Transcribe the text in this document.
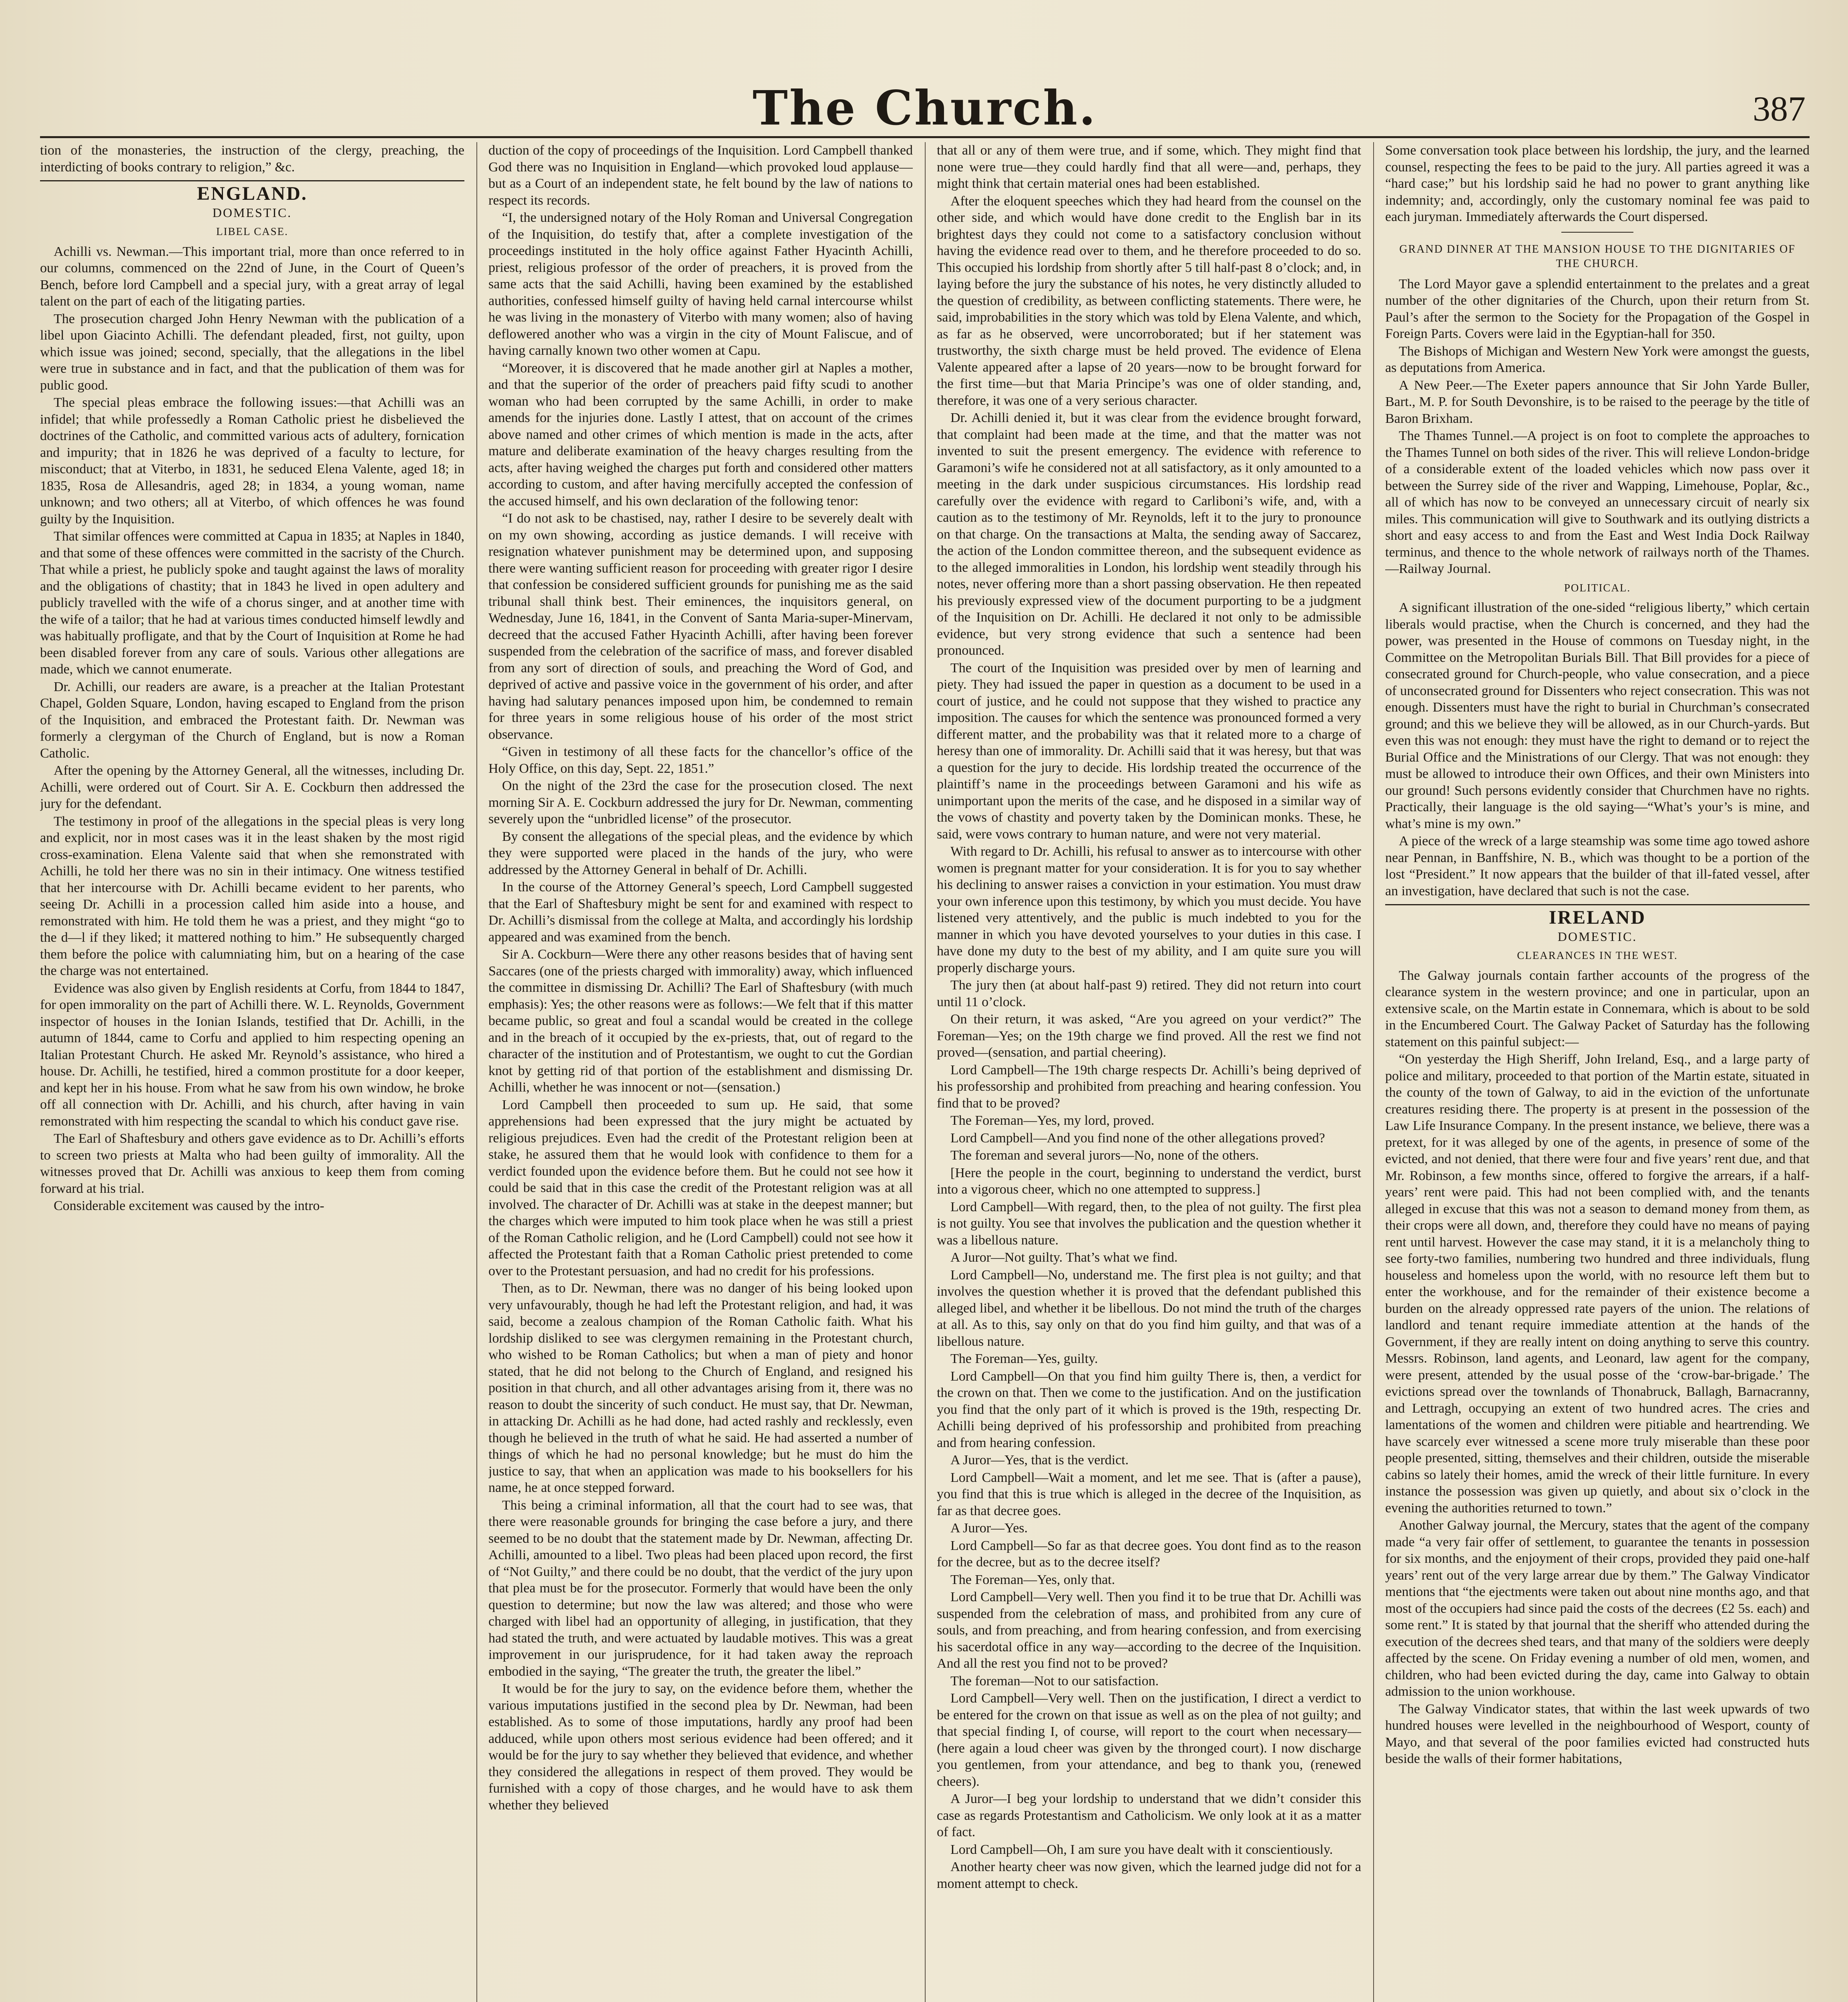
The Church.	387

tion of the monasteries, the instruction of the clergy, preaching, the interdicting of books contrary to religion,” &c.

ENGLAND.
DOMESTIC.
LIBEL CASE.

Achilli vs. Newman.—This important trial, more than once referred to in our columns, commenced on the 22nd of June, in the Court of Queen’s Bench, before lord Campbell and a special jury, with a great array of legal talent on the part of each of the litigating parties.

The prosecution charged John Henry Newman with the publication of a libel upon Giacinto Achilli. The defendant pleaded, first, not guilty, upon which issue was joined; second, specially, that the allegations in the libel were true in substance and in fact, and that the publication of them was for public good.

The special pleas embrace the following issues:—that Achilli was an infidel; that while professedly a Roman Catholic priest he disbelieved the doctrines of the Catholic, and committed various acts of adultery, fornication and impurity; that in 1826 he was deprived of a faculty to lecture, for misconduct; that at Viterbo, in 1831, he seduced Elena Valente, aged 18; in 1835, Rosa de Allesandris, aged 28; in 1834, a young woman, name unknown; and two others; all at Viterbo, of which offences he was found guilty by the Inquisition.

That similar offences were committed at Capua in 1835; at Naples in 1840, and that some of these offences were committed in the sacristy of the Church. That while a priest, he publicly spoke and taught against the laws of morality and the obligations of chastity; that in 1843 he lived in open adultery and publicly travelled with the wife of a chorus singer, and at another time with the wife of a tailor; that he had at various times conducted himself lewdly and was habitually profligate, and that by the Court of Inquisition at Rome he had been disabled forever from any care of souls. Various other allegations are made, which we cannot enumerate.

Dr. Achilli, our readers are aware, is a preacher at the Italian Protestant Chapel, Golden Square, London, having escaped to England from the prison of the Inquisition, and embraced the Protestant faith. Dr. Newman was formerly a clergyman of the Church of England, but is now a Roman Catholic.

After the opening by the Attorney General, all the witnesses, including Dr. Achilli, were ordered out of Court. Sir A. E. Cockburn then addressed the jury for the defendant.

The testimony in proof of the allegations in the special pleas is very long and explicit, nor in most cases was it in the least shaken by the most rigid cross-examination. Elena Valente said that when she remonstrated with Achilli, he told her there was no sin in their intimacy. One witness testified that her intercourse with Dr. Achilli became evident to her parents, who seeing Dr. Achilli in a procession called him aside into a house, and remonstrated with him. He told them he was a priest, and they might “go to the d—l if they liked; it mattered nothing to him.” He subsequently charged them before the police with calumniating him, but on a hearing of the case the charge was not entertained.

Evidence was also given by English residents at Corfu, from 1844 to 1847, for open immorality on the part of Achilli there. W. L. Reynolds, Government inspector of houses in the Ionian Islands, testified that Dr. Achilli, in the autumn of 1844, came to Corfu and applied to him respecting opening an Italian Protestant Church. He asked Mr. Reynold’s assistance, who hired a house. Dr. Achilli, he testified, hired a common prostitute for a door keeper, and kept her in his house. From what he saw from his own window, he broke off all connection with Dr. Achilli, and his church, after having in vain remonstrated with him respecting the scandal to which his conduct gave rise.

The Earl of Shaftesbury and others gave evidence as to Dr. Achilli’s efforts to screen two priests at Malta who had been guilty of immorality. All the witnesses proved that Dr. Achilli was anxious to keep them from coming forward at his trial.

Considerable excitement was caused by the intro-

duction of the copy of proceedings of the Inquisition. Lord Campbell thanked God there was no Inquisition in England—which provoked loud applause—but as a Court of an independent state, he felt bound by the law of nations to respect its records.

“I, the undersigned notary of the Holy Roman and Universal Congregation of the Inquisition, do testify that, after a complete investigation of the proceedings instituted in the holy office against Father Hyacinth Achilli, priest, religious professor of the order of preachers, it is proved from the same acts that the said Achilli, having been examined by the established authorities, confessed himself guilty of having held carnal intercourse whilst he was living in the monastery of Viterbo with many women; also of having deflowered another who was a virgin in the city of Mount Faliscue, and of having carnally known two other women at Capu.

“Moreover, it is discovered that he made another girl at Naples a mother, and that the superior of the order of preachers paid fifty scudi to another woman who had been corrupted by the same Achilli, in order to make amends for the injuries done. Lastly I attest, that on account of the crimes above named and other crimes of which mention is made in the acts, after mature and deliberate examination of the heavy charges resulting from the acts, after having weighed the charges put forth and considered other matters according to custom, and after having mercifully accepted the confession of the accused himself, and his own declaration of the following tenor:

“I do not ask to be chastised, nay, rather I desire to be severely dealt with on my own showing, according as justice demands. I will receive with resignation whatever punishment may be determined upon, and supposing there were wanting sufficient reason for proceeding with greater rigor I desire that confession be considered sufficient grounds for punishing me as the said tribunal shall think best. Their eminences, the inquisitors general, on Wednesday, June 16, 1841, in the Convent of Santa Maria-super-Minervam, decreed that the accused Father Hyacinth Achilli, after having been forever suspended from the celebration of the sacrifice of mass, and forever disabled from any sort of direction of souls, and preaching the Word of God, and deprived of active and passive voice in the government of his order, and after having had salutary penances imposed upon him, be condemned to remain for three years in some religious house of his order of the most strict observance.

“Given in testimony of all these facts for the chancellor’s office of the Holy Office, on this day, Sept. 22, 1851.”

On the night of the 23rd the case for the prosecution closed. The next morning Sir A. E. Cockburn addressed the jury for Dr. Newman, commenting severely upon the “unbridled license” of the prosecutor.

By consent the allegations of the special pleas, and the evidence by which they were supported were placed in the hands of the jury, who were addressed by the Attorney General in behalf of Dr. Achilli.

In the course of the Attorney General’s speech, Lord Campbell suggested that the Earl of Shaftesbury might be sent for and examined with respect to Dr. Achilli’s dismissal from the college at Malta, and accordingly his lordship appeared and was examined from the bench.

Sir A. Cockburn—Were there any other reasons besides that of having sent Saccares (one of the priests charged with immorality) away, which influenced the committee in dismissing Dr. Achilli? The Earl of Shaftesbury (with much emphasis): Yes; the other reasons were as follows:—We felt that if this matter became public, so great and foul a scandal would be created in the college and in the breach of it occupied by the ex-priests, that, out of regard to the character of the institution and of Protestantism, we ought to cut the Gordian knot by getting rid of that portion of the establishment and dismissing Dr. Achilli, whether he was innocent or not—(sensation.)

Lord Campbell then proceeded to sum up. He said, that some apprehensions had been expressed that the jury might be actuated by religious prejudices. Even had the credit of the Protestant religion been at stake, he assured them that he would look with confidence to them for a verdict founded upon the evidence before them. But he could not see how it could be said that in this case the credit of the Protestant religion was at all involved. The character of Dr. Achilli was at stake in the deepest manner; but the charges which were imputed to him took place when he was still a priest of the Roman Catholic religion, and he (Lord Campbell) could not see how it affected the Protestant faith that a Roman Catholic priest pretended to come over to the Protestant persuasion, and had no credit for his professions.

Then, as to Dr. Newman, there was no danger of his being looked upon very unfavourably, though he had left the Protestant religion, and had, it was said, become a zealous champion of the Roman Catholic faith. What his lordship disliked to see was clergymen remaining in the Protestant church, who wished to be Roman Catholics; but when a man of piety and honor stated, that he did not belong to the Church of England, and resigned his position in that church, and all other advantages arising from it, there was no reason to doubt the sincerity of such conduct. He must say, that Dr. Newman, in attacking Dr. Achilli as he had done, had acted rashly and recklessly, even though he believed in the truth of what he said. He had asserted a number of things of which he had no personal knowledge; but he must do him the justice to say, that when an application was made to his booksellers for his name, he at once stepped forward.

This being a criminal information, all that the court had to see was, that there were reasonable grounds for bringing the case before a jury, and there seemed to be no doubt that the statement made by Dr. Newman, affecting Dr. Achilli, amounted to a libel. Two pleas had been placed upon record, the first of “Not Guilty,” and there could be no doubt, that the verdict of the jury upon that plea must be for the prosecutor. Formerly that would have been the only question to determine; but now the law was altered; and those who were charged with libel had an opportunity of alleging, in justification, that they had stated the truth, and were actuated by laudable motives. This was a great improvement in our jurisprudence, for it had taken away the reproach embodied in the saying, “The greater the truth, the greater the libel.”

It would be for the jury to say, on the evidence before them, whether the various imputations justified in the second plea by Dr. Newman, had been established. As to some of those imputations, hardly any proof had been adduced, while upon others most serious evidence had been offered; and it would be for the jury to say whether they believed that evidence, and whether they considered the allegations in respect of them proved. They would be furnished with a copy of those charges, and he would have to ask them whether they believed

that all or any of them were true, and if some, which. They might find that none were true—they could hardly find that all were—and, perhaps, they might think that certain material ones had been established.

After the eloquent speeches which they had heard from the counsel on the other side, and which would have done credit to the English bar in its brightest days they could not come to a satisfactory conclusion without having the evidence read over to them, and he therefore proceeded to do so. This occupied his lordship from shortly after 5 till half-past 8 o’clock; and, in laying before the jury the substance of his notes, he very distinctly alluded to the question of credibility, as between conflicting statements. There were, he said, improbabilities in the story which was told by Elena Valente, and which, as far as he observed, were uncorroborated; but if her statement was trustworthy, the sixth charge must be held proved. The evidence of Elena Valente appeared after a lapse of 20 years—now to be brought forward for the first time—but that Maria Principe’s was one of older standing, and, therefore, it was one of a very serious character.

Dr. Achilli denied it, but it was clear from the evidence brought forward, that complaint had been made at the time, and that the matter was not invented to suit the present emergency. The evidence with reference to Garamoni’s wife he considered not at all satisfactory, as it only amounted to a meeting in the dark under suspicious circumstances. His lordship read carefully over the evidence with regard to Carliboni’s wife, and, with a caution as to the testimony of Mr. Reynolds, left it to the jury to pronounce on that charge. On the transactions at Malta, the sending away of Saccarez, the action of the London committee thereon, and the subsequent evidence as to the alleged immoralities in London, his lordship went steadily through his notes, never offering more than a short passing observation. He then repeated his previously expressed view of the document purporting to be a judgment of the Inquisition on Dr. Achilli. He declared it not only to be admissible evidence, but very strong evidence that such a sentence had been pronounced.

The court of the Inquisition was presided over by men of learning and piety. They had issued the paper in question as a document to be used in a court of justice, and he could not suppose that they wished to practice any imposition. The causes for which the sentence was pronounced formed a very different matter, and the probability was that it related more to a charge of heresy than one of immorality. Dr. Achilli said that it was heresy, but that was a question for the jury to decide. His lordship treated the occurrence of the plaintiff’s name in the proceedings between Garamoni and his wife as unimportant upon the merits of the case, and he disposed in a similar way of the vows of chastity and poverty taken by the Dominican monks. These, he said, were vows contrary to human nature, and were not very material.

With regard to Dr. Achilli, his refusal to answer as to intercourse with other women is pregnant matter for your consideration. It is for you to say whether his declining to answer raises a conviction in your estimation. You must draw your own inference upon this testimony, by which you must decide. You have listened very attentively, and the public is much indebted to you for the manner in which you have devoted yourselves to your duties in this case. I have done my duty to the best of my ability, and I am quite sure you will properly discharge yours.

The jury then (at about half-past 9) retired. They did not return into court until 11 o’clock.

On their return, it was asked, “Are you agreed on your verdict?” The Foreman—Yes; on the 19th charge we find proved. All the rest we find not proved—(sensation, and partial cheering).

Lord Campbell—The 19th charge respects Dr. Achilli’s being deprived of his professorship and prohibited from preaching and hearing confession. You find that to be proved?

The Foreman—Yes, my lord, proved.

Lord Campbell—And you find none of the other allegations proved?

The foreman and several jurors—No, none of the others.

[Here the people in the court, beginning to understand the verdict, burst into a vigorous cheer, which no one attempted to suppress.]

Lord Campbell—With regard, then, to the plea of not guilty. The first plea is not guilty. You see that involves the publication and the question whether it was a libellous nature.

A Juror—Not guilty. That’s what we find.

Lord Campbell—No, understand me. The first plea is not guilty; and that involves the question whether it is proved that the defendant published this alleged libel, and whether it be libellous. Do not mind the truth of the charges at all. As to this, say only on that do you find him guilty, and that was of a libellous nature.

The Foreman—Yes, guilty.

Lord Campbell—On that you find him guilty There is, then, a verdict for the crown on that. Then we come to the justification. And on the justification you find that the only part of it which is proved is the 19th, respecting Dr. Achilli being deprived of his professorship and prohibited from preaching and from hearing confession.

A Juror—Yes, that is the verdict.

Lord Campbell—Wait a moment, and let me see. That is (after a pause), you find that this is true which is alleged in the decree of the Inquisition, as far as that decree goes.

A Juror—Yes.

Lord Campbell—So far as that decree goes. You dont find as to the reason for the decree, but as to the decree itself?

The Foreman—Yes, only that.

Lord Campbell—Very well. Then you find it to be true that Dr. Achilli was suspended from the celebration of mass, and prohibited from any cure of souls, and from preaching, and from hearing confession, and from exercising his sacerdotal office in any way—according to the decree of the Inquisition. And all the rest you find not to be proved?

The foreman—Not to our satisfaction.

Lord Campbell—Very well. Then on the justification, I direct a verdict to be entered for the crown on that issue as well as on the plea of not guilty; and that special finding I, of course, will report to the court when necessary—(here again a loud cheer was given by the thronged court). I now discharge you gentlemen, from your attendance, and beg to thank you, (renewed cheers).

A Juror—I beg your lordship to understand that we didn’t consider this case as regards Protestantism and Catholicism. We only look at it as a matter of fact.

Lord Campbell—Oh, I am sure you have dealt with it conscientiously.

Another hearty cheer was now given, which the learned judge did not for a moment attempt to check.

Some conversation took place between his lordship, the jury, and the learned counsel, respecting the fees to be paid to the jury. All parties agreed it was a “hard case;” but his lordship said he had no power to grant anything like indemnity; and, accordingly, only the customary nominal fee was paid to each juryman. Immediately afterwards the Court dispersed.

GRAND DINNER AT THE MANSION HOUSE TO THE DIGNITARIES OF THE CHURCH.

The Lord Mayor gave a splendid entertainment to the prelates and a great number of the other dignitaries of the Church, upon their return from St. Paul’s after the sermon to the Society for the Propagation of the Gospel in Foreign Parts. Covers were laid in the Egyptian-hall for 350.

The Bishops of Michigan and Western New York were amongst the guests, as deputations from America.

A New Peer.—The Exeter papers announce that Sir John Yarde Buller, Bart., M. P. for South Devonshire, is to be raised to the peerage by the title of Baron Brixham.

The Thames Tunnel.—A project is on foot to complete the approaches to the Thames Tunnel on both sides of the river. This will relieve London-bridge of a considerable extent of the loaded vehicles which now pass over it between the Surrey side of the river and Wapping, Limehouse, Poplar, &c., all of which has now to be conveyed an unnecessary circuit of nearly six miles. This communication will give to Southwark and its outlying districts a short and easy access to and from the East and West India Dock Railway terminus, and thence to the whole network of railways north of the Thames.—Railway Journal.

POLITICAL.

A significant illustration of the one-sided “religious liberty,” which certain liberals would practise, when the Church is concerned, and they had the power, was presented in the House of commons on Tuesday night, in the Committee on the Metropolitan Burials Bill. That Bill provides for a piece of consecrated ground for Church-people, who value consecration, and a piece of unconsecrated ground for Dissenters who reject consecration. This was not enough. Dissenters must have the right to burial in Churchman’s consecrated ground; and this we believe they will be allowed, as in our Church-yards. But even this was not enough: they must have the right to demand or to reject the Burial Office and the Ministrations of our Clergy. That was not enough: they must be allowed to introduce their own Offices, and their own Ministers into our ground! Such persons evidently consider that Churchmen have no rights. Practically, their language is the old saying—“What’s your’s is mine, and what’s mine is my own.”

A piece of the wreck of a large steamship was some time ago towed ashore near Pennan, in Banffshire, N. B., which was thought to be a portion of the lost “President.” It now appears that the builder of that ill-fated vessel, after an investigation, have declared that such is not the case.

IRELAND
DOMESTIC.
CLEARANCES IN THE WEST.

The Galway journals contain farther accounts of the progress of the clearance system in the western province; and one in particular, upon an extensive scale, on the Martin estate in Connemara, which is about to be sold in the Encumbered Court. The Galway Packet of Saturday has the following statement on this painful subject:—

“On yesterday the High Sheriff, John Ireland, Esq., and a large party of police and military, proceeded to that portion of the Martin estate, situated in the county of the town of Galway, to aid in the eviction of the unfortunate creatures residing there. The property is at present in the possession of the Law Life Insurance Company. In the present instance, we believe, there was a pretext, for it was alleged by one of the agents, in presence of some of the evicted, and not denied, that there were four and five years’ rent due, and that Mr. Robinson, a few months since, offered to forgive the arrears, if a half-years’ rent were paid. This had not been complied with, and the tenants alleged in excuse that this was not a season to demand money from them, as their crops were all down, and, therefore they could have no means of paying rent until harvest. However the case may stand, it it is a melancholy thing to see forty-two families, numbering two hundred and three individuals, flung houseless and homeless upon the world, with no resource left them but to enter the workhouse, and for the remainder of their existence become a burden on the already oppressed rate payers of the union. The relations of landlord and tenant require immediate attention at the hands of the Government, if they are really intent on doing anything to serve this country. Messrs. Robinson, land agents, and Leonard, law agent for the company, were present, attended by the usual posse of the ‘crow-bar-brigade.’ The evictions spread over the townlands of Thonabruck, Ballagh, Barnacranny, and Lettragh, occupying an extent of two hundred acres. The cries and lamentations of the women and children were pitiable and heartrending. We have scarcely ever witnessed a scene more truly miserable than these poor people presented, sitting, themselves and their children, outside the miserable cabins so lately their homes, amid the wreck of their little furniture. In every instance the possession was given up quietly, and about six o’clock in the evening the authorities returned to town.”

Another Galway journal, the Mercury, states that the agent of the company made “a very fair offer of settlement, to guarantee the tenants in possession for six months, and the enjoyment of their crops, provided they paid one-half years’ rent out of the very large arrear due by them.” The Galway Vindicator mentions that “the ejectments were taken out about nine months ago, and that most of the occupiers had since paid the costs of the decrees (£2 5s. each) and some rent.” It is stated by that journal that the sheriff who attended during the execution of the decrees shed tears, and that many of the soldiers were deeply affected by the scene. On Friday evening a number of old men, women, and children, who had been evicted during the day, came into Galway to obtain admission to the union workhouse.

The Galway Vindicator states, that within the last week upwards of two hundred houses were levelled in the neighbourhood of Wesport, county of Mayo, and that several of the poor families evicted had constructed huts beside the walls of their former habitations,
